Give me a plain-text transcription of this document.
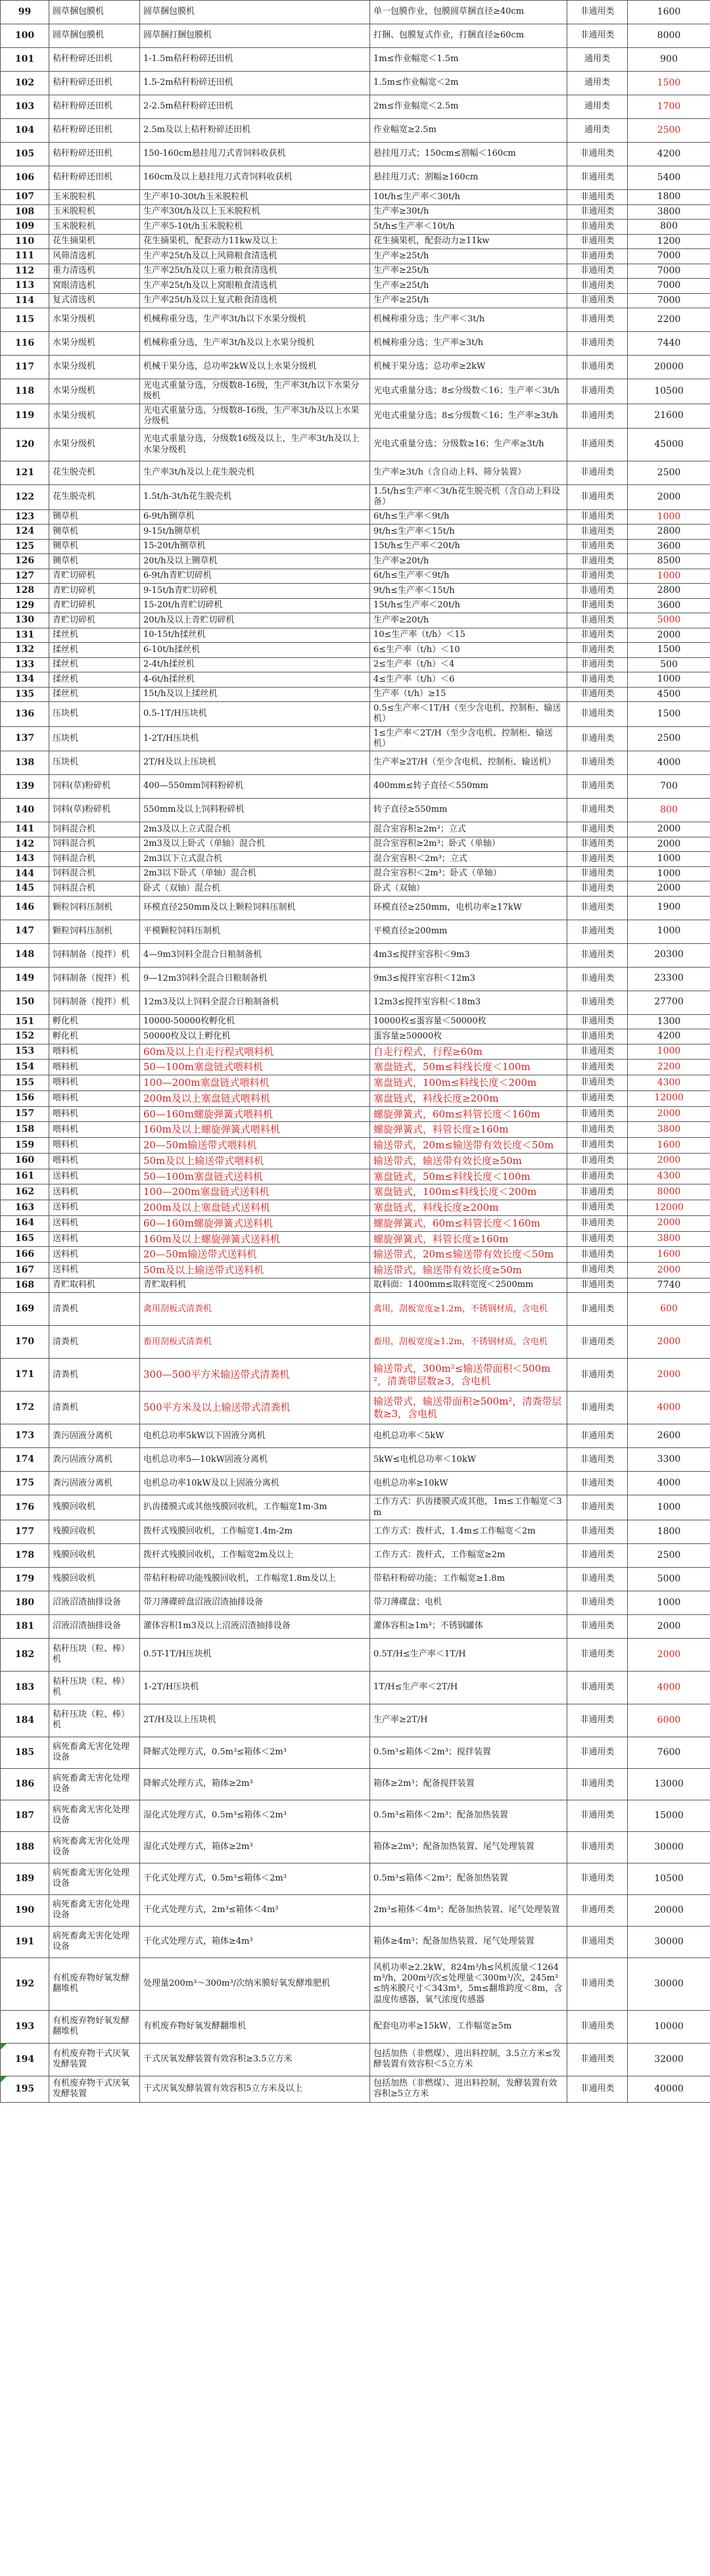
99	圆草捆包膜机	圆草捆包膜机	单一包膜作业，包膜圆草捆直径≥40cm	非通用类	1600
100	圆草捆包膜机	圆草捆打捆包膜机	打捆、包膜复式作业，打捆直径≥60cm	非通用类	8000
101	秸秆粉碎还田机	1-1.5m秸秆粉碎还田机	1m≤作业幅宽＜1.5m	通用类	900
102	秸秆粉碎还田机	1.5-2m秸秆粉碎还田机	1.5m≤作业幅宽＜2m	通用类	1500
103	秸秆粉碎还田机	2-2.5m秸秆粉碎还田机	2m≤作业幅宽＜2.5m	通用类	1700
104	秸秆粉碎还田机	2.5m及以上秸秆粉碎还田机	作业幅宽≥2.5m	通用类	2500
105	秸秆粉碎还田机	150-160cm悬挂甩刀式青饲料收获机	悬挂甩刀式；150cm≤割幅＜160cm	非通用类	4200
106	秸秆粉碎还田机	160cm及以上悬挂甩刀式青饲料收获机	悬挂甩刀式；割幅≥160cm	非通用类	5400
107	玉米脱粒机	生产率10-30t/h玉米脱粒机	10t/h≤生产率＜30t/h	非通用类	1800
108	玉米脱粒机	生产率30t/h及以上玉米脱粒机	生产率≥30t/h	非通用类	3800
109	玉米脱粒机	生产率5-10t/h玉米脱粒机	5t/h≤生产率＜10t/h	非通用类	800
110	花生摘果机	花生摘果机，配套动力11kw及以上	花生摘果机，配套动力≥11kw	非通用类	1200
111	风筛清选机	生产率25t/h及以上风筛粮食清选机	生产率≥25t/h	非通用类	7000
112	重力清选机	生产率25t/h及以上重力粮食清选机	生产率≥25t/h	非通用类	7000
113	窝眼清选机	生产率25t/h及以上窝眼粮食清选机	生产率≥25t/h	非通用类	7000
114	复式清选机	生产率25t/h及以上复式粮食清选机	生产率≥25t/h	非通用类	7000
115	水果分级机	机械称重分选，生产率3t/h以下水果分级机	机械称重分选；生产率＜3t/h	非通用类	2200
116	水果分级机	机械称重分选，生产率3t/h及以上水果分级机	机械称重分选；生产率≥3t/h	非通用类	7440
117	水果分级机	机械干果分选，总功率2kW及以上水果分级机	机械干果分选；总功率≥2kW	非通用类	20000
118	水果分级机	光电式重量分选，分级数8-16级，生产率3t/h以下水果分级机	光电式重量分选；8≤分级数＜16；生产率＜3t/h	非通用类	10500
119	水果分级机	光电式重量分选，分级数8-16级，生产率3t/h及以上水果分级机	光电式重量分选；8≤分级数＜16；生产率≥3t/h	非通用类	21600
120	水果分级机	光电式重量分选，分级数16级及以上，生产率3t/h及以上水果分级机	光电式重量分选；分级数≥16；生产率≥3t/h	非通用类	45000
121	花生脱壳机	生产率3t/h及以上花生脱壳机	生产率≥3t/h（含自动上料、筛分装置）	非通用类	2500
122	花生脱壳机	1.5t/h-3t/h花生脱壳机	1.5t/h≤生产率＜3t/h花生脱壳机（含自动上料设备）	非通用类	2000
123	铡草机	6-9t/h铡草机	6t/h≤生产率＜9t/h	非通用类	1000
124	铡草机	9-15t/h铡草机	9t/h≤生产率＜15t/h	非通用类	2800
125	铡草机	15-20t/h铡草机	15t/h≤生产率＜20t/h	非通用类	3600
126	铡草机	20t/h及以上铡草机	生产率≥20t/h	非通用类	8500
127	青贮切碎机	6-9t/h青贮切碎机	6t/h≤生产率＜9t/h	非通用类	1000
128	青贮切碎机	9-15t/h青贮切碎机	9t/h≤生产率＜15t/h	非通用类	2800
129	青贮切碎机	15-20t/h青贮切碎机	15t/h≤生产率＜20t/h	非通用类	3600
130	青贮切碎机	20t/h及以上青贮切碎机	生产率≥20t/h	非通用类	5000
131	揉丝机	10-15t/h揉丝机	10≤生产率（t/h）＜15	非通用类	2000
132	揉丝机	6-10t/h揉丝机	6≤生产率（t/h）＜10	非通用类	1500
133	揉丝机	2-4t/h揉丝机	2≤生产率（t/h）＜4	非通用类	500
134	揉丝机	4-6t/h揉丝机	4≤生产率（t/h）＜6	非通用类	1000
135	揉丝机	15t/h及以上揉丝机	生产率（t/h）≥15	非通用类	4500
136	压块机	0.5-1T/H压块机	0.5≤生产率＜1T/H（至少含电机、控制柜、输送机）	非通用类	1500
137	压块机	1-2T/H压块机	1≤生产率＜2T/H（至少含电机、控制柜、输送机）	非通用类	2500
138	压块机	2T/H及以上压块机	生产率≥2T/H（至少含电机、控制柜、输送机）	非通用类	4000
139	饲料(草)粉碎机	400—550mm饲料粉碎机	400mm≤转子直径＜550mm	非通用类	700
140	饲料(草)粉碎机	550mm及以上饲料粉碎机	转子直径≥550mm	非通用类	800
141	饲料混合机	2m3及以上立式混合机	混合室容积≥2m³；立式	非通用类	2000
142	饲料混合机	2m3及以上卧式（单轴）混合机	混合室容积≥2m³；卧式（单轴）	非通用类	2000
143	饲料混合机	2m3以下立式混合机	混合室容积＜2m³；立式	非通用类	1000
144	饲料混合机	2m3以下卧式（单轴）混合机	混合室容积＜2m³；卧式（单轴）	非通用类	1000
145	饲料混合机	卧式（双轴）混合机	卧式（双轴）	非通用类	2000
146	颗粒饲料压制机	环模直径250mm及以上颗粒饲料压制机	环模直径≥250mm，电机功率≥17kW	非通用类	1900
147	颗粒饲料压制机	平模颗粒饲料压制机	平模直径≥200mm	非通用类	1000
148	饲料制备（搅拌）机	4—9m3饲料全混合日粮制备机	4m3≤搅拌室容积＜9m3	非通用类	20300
149	饲料制备（搅拌）机	9—12m3饲料全混合日粮制备机	9m3≤搅拌室容积＜12m3	非通用类	23300
150	饲料制备（搅拌）机	12m3及以上饲料全混合日粮制备机	12m3≤搅拌室容积＜18m3	非通用类	27700
151	孵化机	10000-50000枚孵化机	10000枚≤蛋容量＜50000枚	非通用类	1300
152	孵化机	50000枚及以上孵化机	蛋容量≥50000枚	非通用类	4200
153	喂料机	60m及以上自走行程式喂料机	自走行程式，行程≥60m	非通用类	1000
154	喂料机	50—100m塞盘链式喂料机	塞盘链式，50m≤料线长度＜100m	非通用类	2200
155	喂料机	100—200m塞盘链式喂料机	塞盘链式，100m≤料线长度＜200m	非通用类	4300
156	喂料机	200m及以上塞盘链式喂料机	塞盘链式，料线长度≥200m	非通用类	12000
157	喂料机	60—160m螺旋弹簧式喂料机	螺旋弹簧式，60m≤料管长度＜160m	非通用类	2000
158	喂料机	160m及以上螺旋弹簧式喂料机	螺旋弹簧式，料管长度≥160m	非通用类	3800
159	喂料机	20—50m输送带式喂料机	输送带式，20m≤输送带有效长度＜50m	非通用类	1600
160	喂料机	50m及以上输送带式喂料机	输送带式，输送带有效长度≥50m	非通用类	2000
161	送料机	50—100m塞盘链式送料机	塞盘链式，50m≤料线长度＜100m	非通用类	4300
162	送料机	100—200m塞盘链式送料机	塞盘链式，100m≤料线长度＜200m	非通用类	8000
163	送料机	200m及以上塞盘链式送料机	塞盘链式，料线长度≥200m	非通用类	12000
164	送料机	60—160m螺旋弹簧式送料机	螺旋弹簧式，60m≤料管长度＜160m	非通用类	2000
165	送料机	160m及以上螺旋弹簧式送料机	螺旋弹簧式，料管长度≥160m	非通用类	3800
166	送料机	20—50m输送带式送料机	输送带式，20m≤输送带有效长度＜50m	非通用类	1600
167	送料机	50m及以上输送带式送料机	输送带式，输送带有效长度≥50m	非通用类	2000
168	青贮取料机	青贮取料机	取料面：1400mm≤取料宽度＜2500mm	非通用类	7740
169	清粪机	禽用刮板式清粪机	禽用，刮板宽度≥1.2m，不锈钢材质，含电机	非通用类	600
170	清粪机	畜用刮板式清粪机	畜用，刮板宽度≥1.2m，不锈钢材质，含电机	非通用类	2000
171	清粪机	300—500平方米输送带式清粪机	输送带式，300m²≤输送带面积＜500m²，清粪带层数≥3，含电机	非通用类	2000
172	清粪机	500平方米及以上输送带式清粪机	输送带式，输送带面积≥500m²，清粪带层数≥3，含电机	非通用类	4000
173	粪污固液分离机	电机总功率5kW以下固液分离机	电机总功率＜5kW	非通用类	2600
174	粪污固液分离机	电机总功率5—10kW固液分离机	5kW≤电机总功率＜10kW	非通用类	3300
175	粪污固液分离机	电机总功率10kW及以上固液分离机	电机总功率≥10kW	非通用类	4000
176	残膜回收机	扒齿搂膜式或其他残膜回收机，工作幅宽1m-3m	工作方式：扒齿搂膜式或其他，1m≤工作幅宽＜3m	非通用类	1000
177	残膜回收机	拨杆式残膜回收机，工作幅宽1.4m-2m	工作方式：拨杆式，1.4m≤工作幅宽＜2m	非通用类	1800
178	残膜回收机	拨杆式残膜回收机，工作幅宽2m及以上	工作方式：拨杆式，工作幅宽≥2m	非通用类	2500
179	残膜回收机	带秸秆粉碎功能残膜回收机，工作幅宽1.8m及以上	带秸秆粉碎功能；工作幅宽≥1.8m	非通用类	5000
180	沼液沼渣抽排设备	带刀薄碟碎盘沼液沼渣抽排设备	带刀薄碟盘；电机	非通用类	1000
181	沼液沼渣抽排设备	灌体容积1m3及以上沼液沼渣抽排设备	灌体容积≥1m³；不锈钢罐体	非通用类	2000
182	秸秆压块（粒、棒）机	0.5T-1T/H压块机	0.5T/H≤生产率＜1T/H	非通用类	2000
183	秸秆压块（粒、棒）机	1-2T/H压块机	1T/H≤生产率＜2T/H	非通用类	4000
184	秸秆压块（粒、棒）机	2T/H及以上压块机	生产率≥2T/H	非通用类	6000
185	病死畜禽无害化处理设备	降解式处理方式，0.5m³≤箱体＜2m³	0.5m³≤箱体＜2m³；搅拌装置	非通用类	7600
186	病死畜禽无害化处理设备	降解式处理方式，箱体≥2m³	箱体≥2m³；配备搅拌装置	非通用类	13000
187	病死畜禽无害化处理设备	湿化式处理方式，0.5m³≤箱体＜2m³	0.5m³≤箱体＜2m³；配备加热装置	非通用类	15000
188	病死畜禽无害化处理设备	湿化式处理方式，箱体≥2m³	箱体≥2m³；配备加热装置、尾气处理装置	非通用类	30000
189	病死畜禽无害化处理设备	干化式处理方式，0.5m³≤箱体＜2m³	0.5m³≤箱体＜2m³；配备加热装置	非通用类	10500
190	病死畜禽无害化处理设备	干化式处理方式，2m³≤箱体＜4m³	2m³≤箱体＜4m³；配备加热装置、尾气处理装置	非通用类	20000
191	病死畜禽无害化处理设备	干化式处理方式，箱体≥4m³	箱体≥4m³；配备加热装置、尾气处理装置	非通用类	30000
192	有机废弃物好氧发酵翻堆机	处理量200m³～300m³/次纳米膜好氧发酵堆肥机	风机功率≥2.2kW，824m³/h≤风机流量＜1264m³/h，200m³/次≤处理量＜300m³/次，245m³≤纳米膜尺寸＜343m³，5m≤翻堆跨度＜8m，含温度传感器，氧气浓度传感器	非通用类	30000
193	有机废弃物好氧发酵翻堆机	有机废弃物好氧发酵翻堆机	配套电功率≥15kW，工作幅宽≥5m	非通用类	10000
194	有机废弃物干式厌氧发酵装置	干式厌氧发酵装置有效容积≥3.5立方米	包括加热（非燃煤）、进出料控制，3.5立方米≤发酵装置有效容积＜5立方米	非通用类	32000
195	有机废弃物干式厌氧发酵装置	干式厌氧发酵装置有效容积5立方米及以上	包括加热（非燃煤）、进出料控制，发酵装置有效容积≥5立方米	非通用类	40000
